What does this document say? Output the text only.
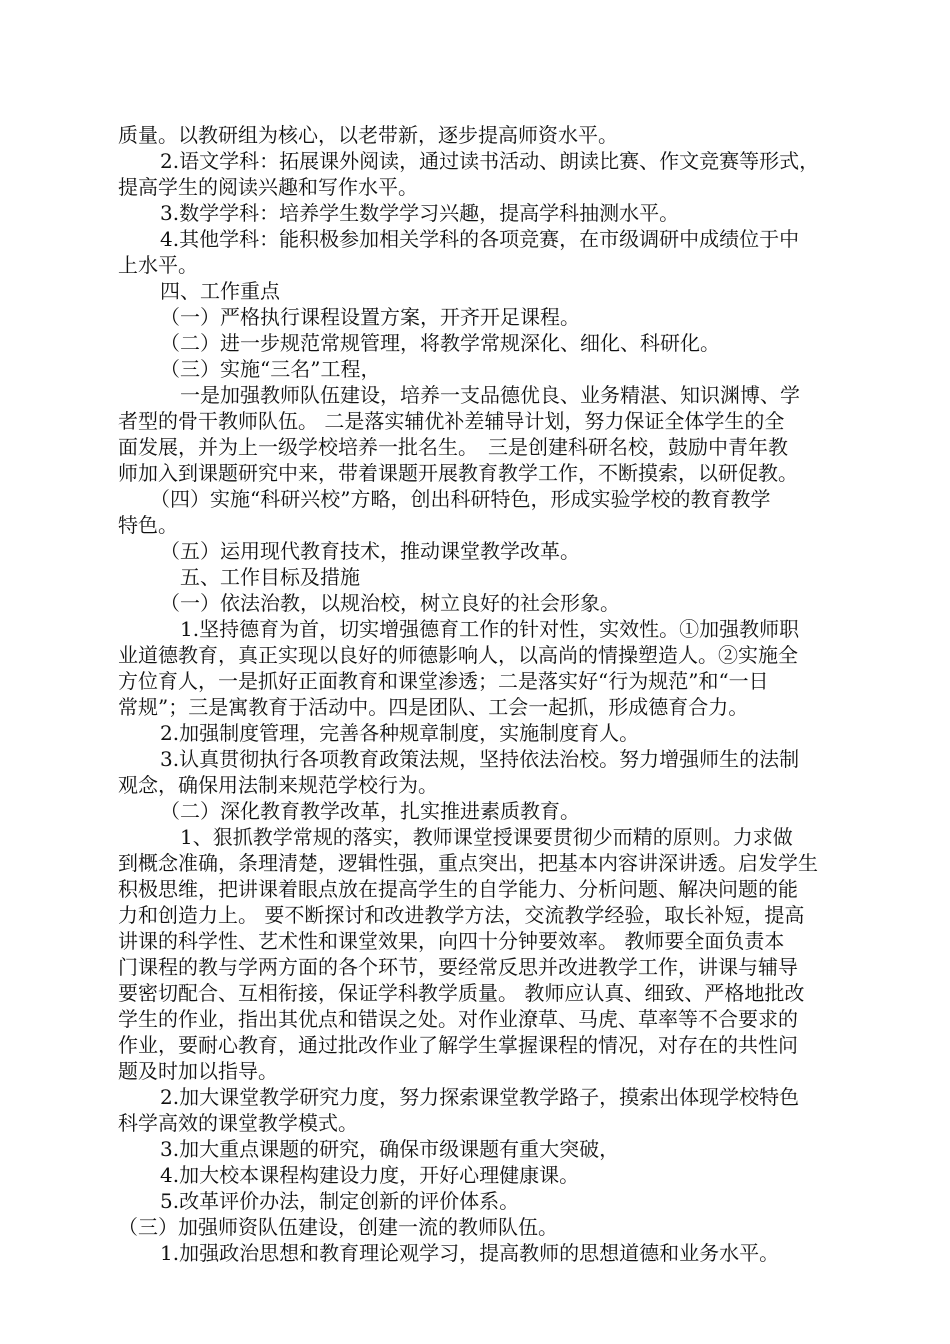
质量。以教研组为核心，以老带新，逐步提高师资水平。
2.语文学科：拓展课外阅读，通过读书活动、朗读比赛、作文竞赛等形式，
提高学生的阅读兴趣和写作水平。
3.数学学科：培养学生数学学习兴趣，提高学科抽测水平。
4.其他学科：能积极参加相关学科的各项竞赛，在市级调研中成绩位于中
上水平。
四、工作重点
（一）严格执行课程设置方案，开齐开足课程。
（二）进一步规范常规管理，将教学常规深化、细化、科研化。
（三）实施“三名”工程，
一是加强教师队伍建设，培养一支品德优良、业务精湛、知识渊博、学
者型的骨干教师队伍。 二是落实辅优补差辅导计划，努力保证全体学生的全
面发展，并为上一级学校培养一批名生。　三是创建科研名校，鼓励中青年教
师加入到课题研究中来，带着课题开展教育教学工作，不断摸索，以研促教。
（四）实施“科研兴校”方略，创出科研特色，形成实验学校的教育教学
特色。
（五）运用现代教育技术，推动课堂教学改革。
五、工作目标及措施
（一）依法治教，以规治校，树立良好的社会形象。
1.坚持德育为首，切实增强德育工作的针对性，实效性。①加强教师职
业道德教育，真正实现以良好的师德影响人，以高尚的情操塑造人。②实施全
方位育人，一是抓好正面教育和课堂渗透；二是落实好“行为规范”和“一日
常规”；三是寓教育于活动中。四是团队、工会一起抓，形成德育合力。
2.加强制度管理，完善各种规章制度，实施制度育人。
3.认真贯彻执行各项教育政策法规，坚持依法治校。努力增强师生的法制
观念，确保用法制来规范学校行为。
（二）深化教育教学改革，扎实推进素质教育。
1、狠抓教学常规的落实，教师课堂授课要贯彻少而精的原则。力求做
到概念准确，条理清楚，逻辑性强，重点突出，把基本内容讲深讲透。启发学生
积极思维，把讲课着眼点放在提高学生的自学能力、分析问题、解决问题的能
力和创造力上。 要不断探讨和改进教学方法，交流教学经验，取长补短，提高
讲课的科学性、艺术性和课堂效果，向四十分钟要效率。 教师要全面负责本
门课程的教与学两方面的各个环节，要经常反思并改进教学工作，讲课与辅导
要密切配合、互相衔接，保证学科教学质量。 教师应认真、细致、严格地批改
学生的作业，指出其优点和错误之处。对作业潦草、马虎、草率等不合要求的
作业，要耐心教育，通过批改作业了解学生掌握课程的情况，对存在的共性问
题及时加以指导。
2.加大课堂教学研究力度，努力探索课堂教学路子，摸索出体现学校特色
科学高效的课堂教学模式。
3.加大重点课题的研究，确保市级课题有重大突破，
4.加大校本课程构建设力度，开好心理健康课。
5.改革评价办法，制定创新的评价体系。
（三）加强师资队伍建设，创建一流的教师队伍。
1.加强政治思想和教育理论观学习，提高教师的思想道德和业务水平。
